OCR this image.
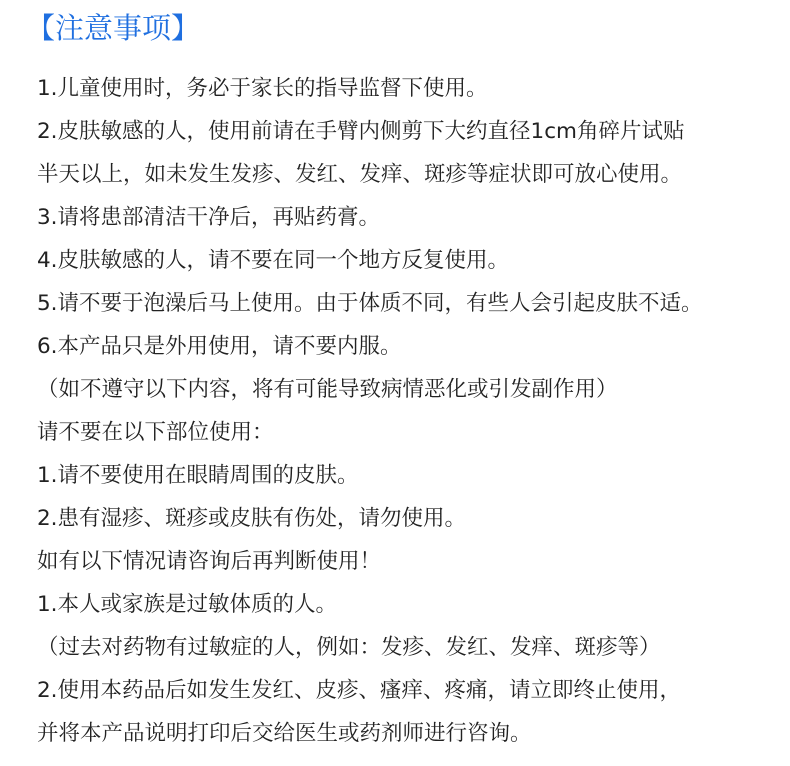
【注意事项】
1.儿童使用时，务必于家长的指导监督下使用。
2.皮肤敏感的人，使用前请在手臂内侧剪下大约直径1cm角碎片试贴
半天以上，如未发生发疹、发红、发痒、斑疹等症状即可放心使用。
3.请将患部清洁干净后，再贴药膏。
4.皮肤敏感的人，请不要在同一个地方反复使用。
5.请不要于泡澡后马上使用。由于体质不同，有些人会引起皮肤不适。
6.本产品只是外用使用，请不要内服。
（如不遵守以下内容，将有可能导致病情恶化或引发副作用）
请不要在以下部位使用：
1.请不要使用在眼睛周围的皮肤。
2.患有湿疹、斑疹或皮肤有伤处，请勿使用。
如有以下情况请咨询后再判断使用！
1.本人或家族是过敏体质的人。
（过去对药物有过敏症的人，例如：发疹、发红、发痒、斑疹等）
2.使用本药品后如发生发红、皮疹、瘙痒、疼痛，请立即终止使用，
并将本产品说明打印后交给医生或药剂师进行咨询。
